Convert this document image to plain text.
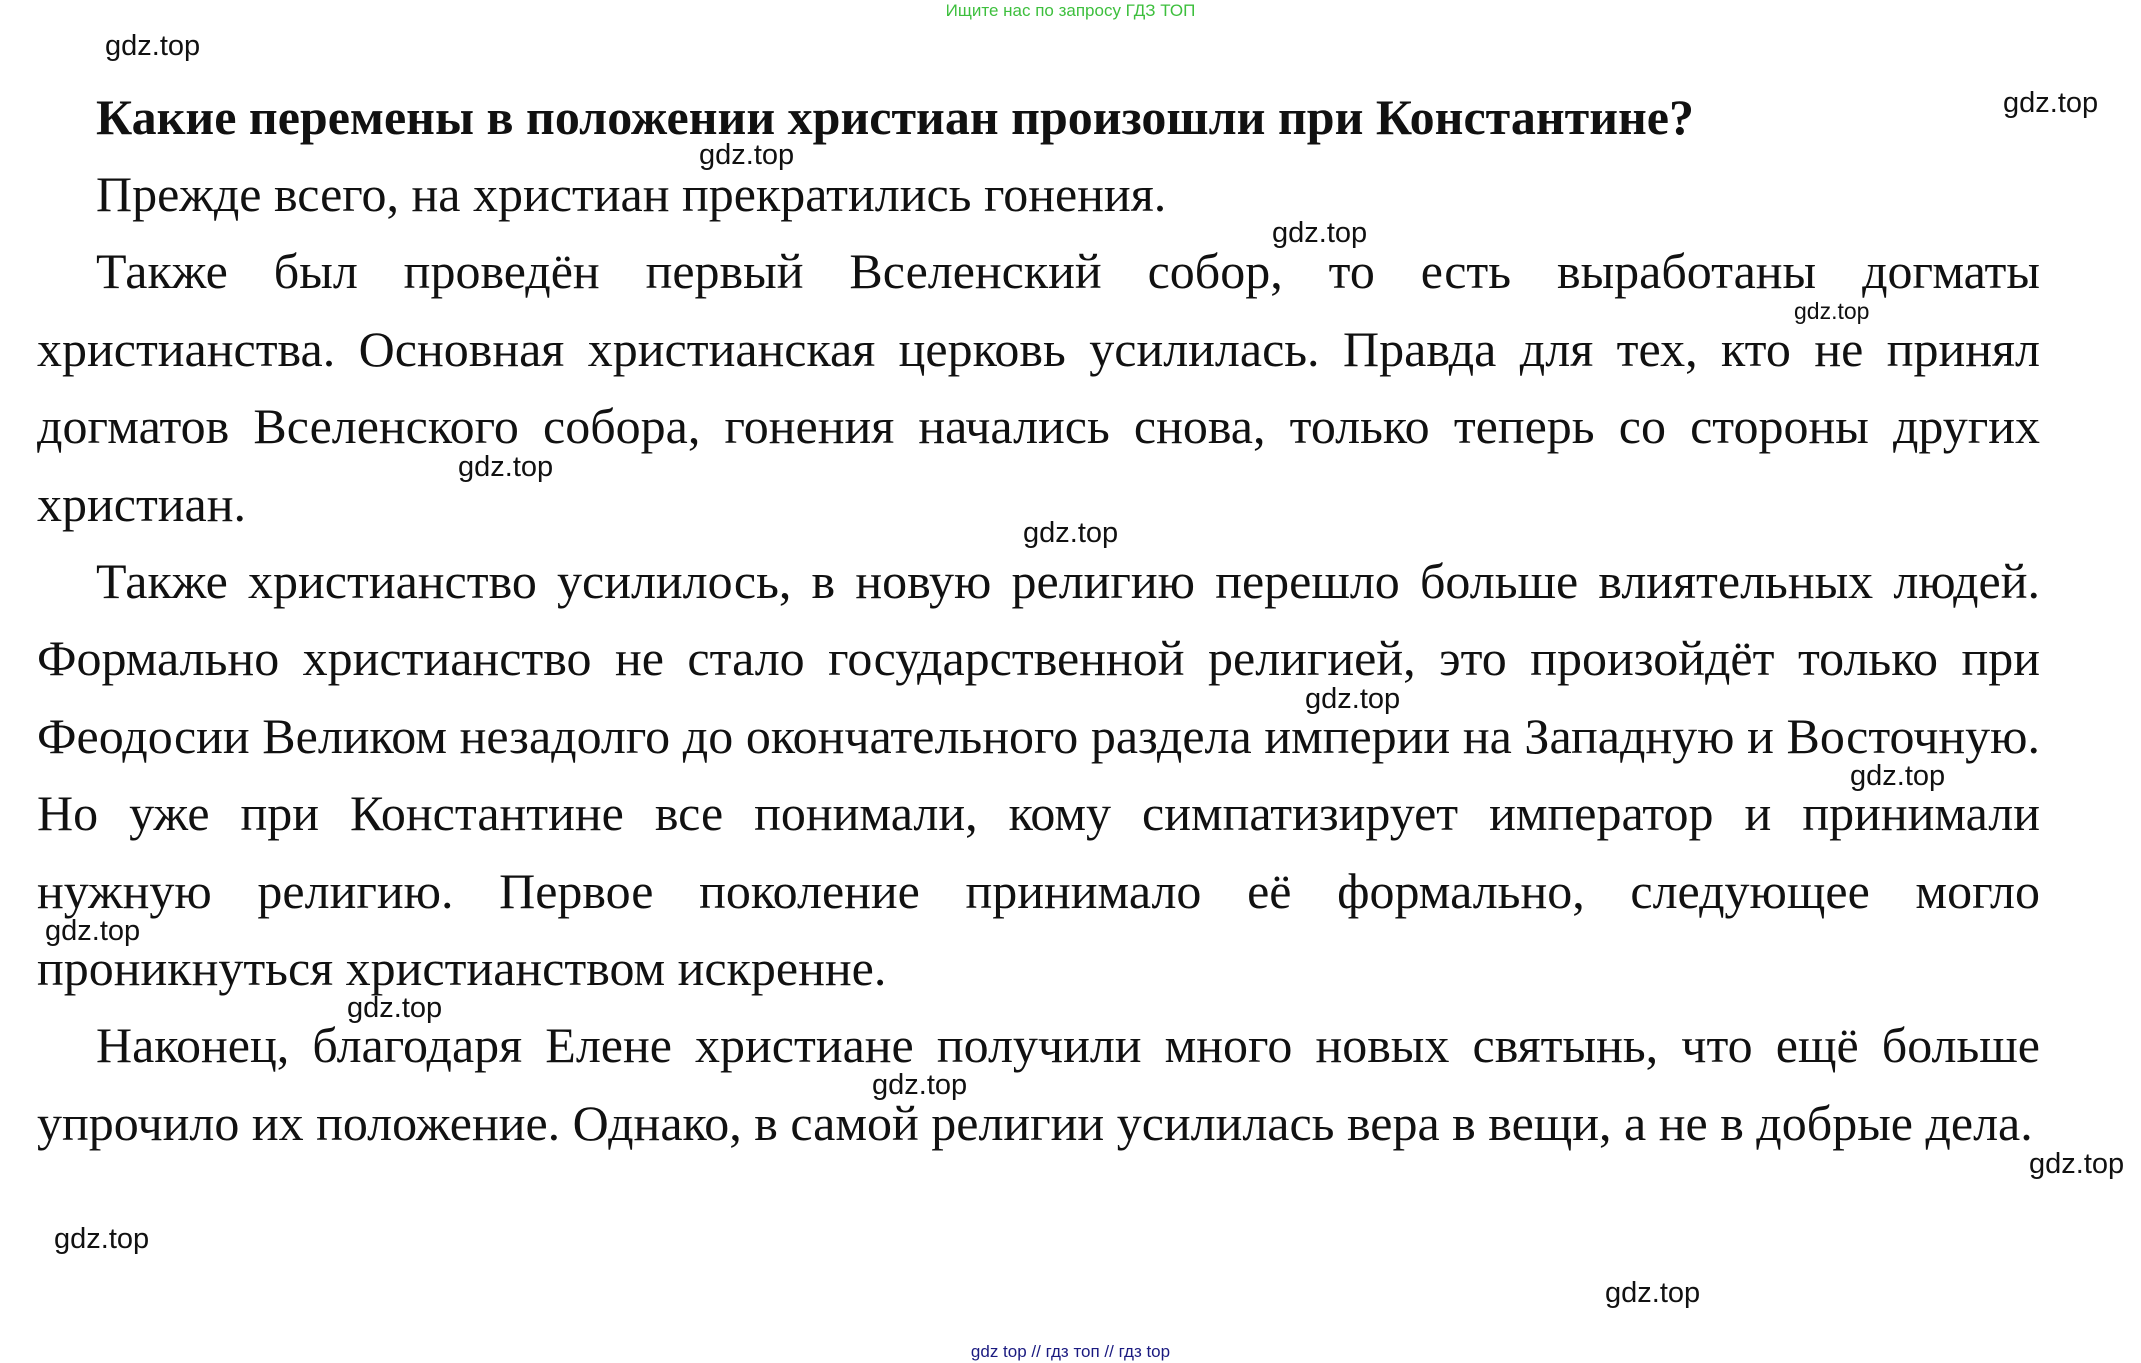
Ищите нас по запросу ГДЗ ТОП

Какие перемены в положении христиан произошли при Константине?

Прежде всего, на христиан прекратились гонения.

Также был проведён первый Вселенский собор, то есть выработаны догматы христианства. Основная христианская церковь усилилась. Правда для тех, кто не принял догматов Вселенского собора, гонения начались снова, только теперь со стороны других христиан.

Также христианство усилилось, в новую религию перешло больше влиятельных людей. Формально христианство не стало государственной религией, это произойдёт только при Феодосии Великом незадолго до окончательного раздела империи на Западную и Восточную. Но уже при Константине все понимали, кому симпатизирует император и принимали нужную религию. Первое поколение принимало её формально, следующее могло проникнуться христианством искренне.

Наконец, благодаря Елене христиане получили много новых святынь, что ещё больше упрочило их положение. Однако, в самой религии усилилась вера в вещи, а не в добрые дела.

gdz.top
gdz.top
gdz.top
gdz.top
gdz.top
gdz.top
gdz.top
gdz.top
gdz.top
gdz.top
gdz.top
gdz.top
gdz.top
gdz.top
gdz.top
gdz top // гдз топ // гдз top
